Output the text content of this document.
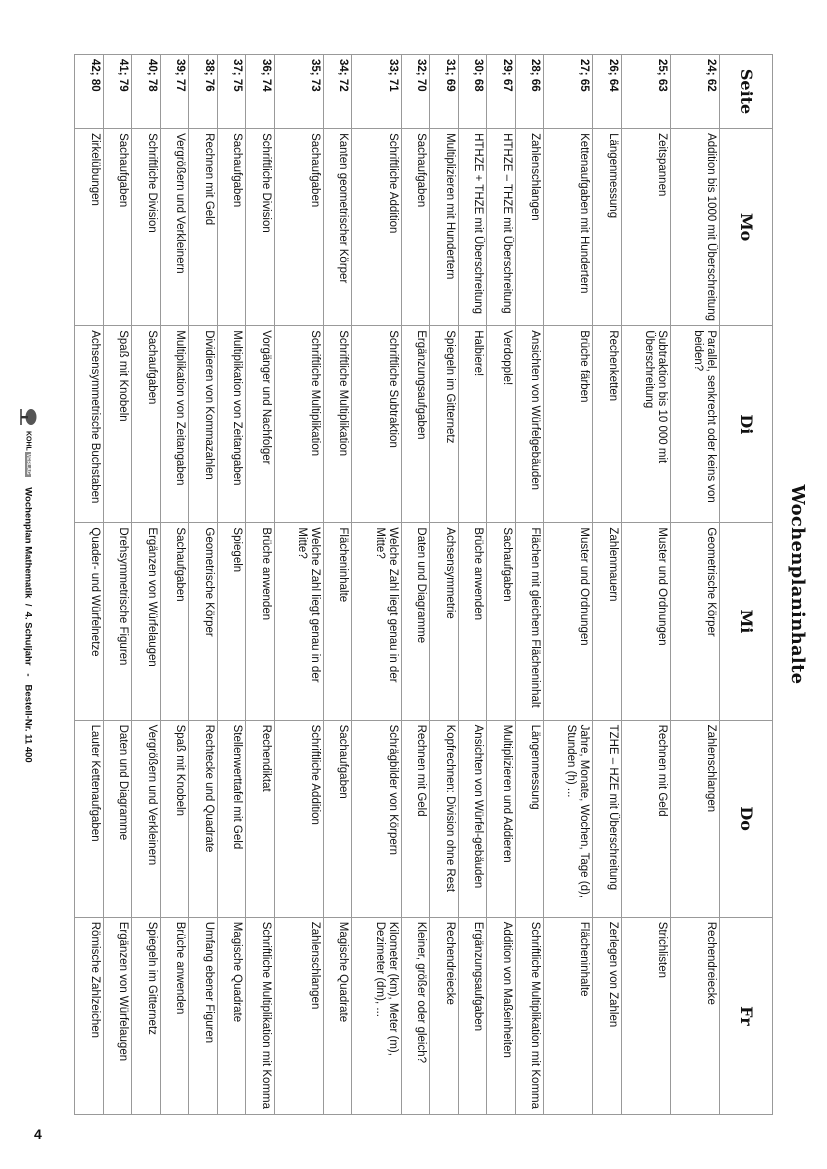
Wochenplaninhalte
Seite	Mo	Di	Mi	Do	Fr
24; 62	Addition bis 1000 mit Überschreitung	Parallel, senkrecht oder keins von beiden?	Geometrische Körper	Zahlenschlangen	Rechendreiecke
25; 63	Zeitspannen	Subtraktion bis 10 000 mit Überschreitung	Muster und Ordnungen	Rechnen mit Geld	Strichlisten
26; 64	Längenmessung	Rechenketten	Zahlenmauern	TZHE – HZE mit Überschreitung	Zerlegen von Zahlen
27; 65	Kettenaufgaben mit Hundertern	Brüche färben	Muster und Ordnungen	Jahre, Monate, Wochen, Tage (d), Stunden (h) ...	Flächeninhalte
28; 66	Zahlenschlangen	Ansichten von Würfelgebäuden	Flächen mit gleichem Flächeninhalt	Längenmessung	Schriftliche Multiplikation mit Komma
29; 67	HTHZE – THZE mit Überschreitung	Verdopple!	Sachaufgaben	Multiplizieren und Addieren	Addition von Maßeinheiten
30; 68	HTHZE + THZE mit Überschreitung	Halbiere!	Brüche anwenden	Ansichten von Würfel-gebäuden	Ergänzungsaufgaben
31; 69	Multiplizieren mit Hundertern	Spiegeln im Gitternetz	Achsensymmetrie	Kopfrechnen: Division ohne Rest	Rechendreiecke
32; 70	Sachaufgaben	Ergänzungsaufgaben	Daten und Diagramme	Rechnen mit Geld	Kleiner, größer oder gleich?
33; 71	Schriftliche Addition	Schriftliche Subtraktion	Welche Zahl liegt genau in der Mitte?	Schrägbilder von Körpern	Kilometer (km), Meter (m), Dezimeter (dm), ...
34; 72	Kanten geometrischer Körper	Schriftliche Multiplikation	Flächeninhalte	Sachaufgaben	Magische Quadrate
35; 73	Sachaufgaben	Schriftliche Multiplikation	Welche Zahl liegt genau in der Mitte?	Schriftliche Addition	Zahlenschlangen
36; 74	Schriftliche Division	Vorgänger und Nachfolger	Brüche anwenden	Rechendiktat	Schriftliche Multiplikation mit Komma
37; 75	Sachaufgaben	Multiplikation von Zeitangaben	Spiegeln	Stellenwerttafel mit Geld	Magische Quadrate
38; 76	Rechnen mit Geld	Dividieren von Kommazahlen	Geometrische Körper	Rechtecke und Quadrate	Umfang ebener Figuren
39; 77	Vergrößern und Verkleinern	Multiplikation von Zeitangaben	Sachaufgaben	Spaß mit Knobeln	Brüche anwenden
40; 78	Schriftliche Division	Sachaufgaben	Ergänzen von Würfelaugen	Vergrößern und Verkleinern	Spiegeln im Gitternetz
41; 79	Sachaufgaben	Spaß mit Knobeln	Drehsymmetrische Figuren	Daten und Diagramme	Ergänzen von Würfelaugen
42; 80	Zirkelübungen	Achsensymmetrische Buchstaben	Quader- und Würfelnetze	Lauter Kettenaufgaben	Römische Zahlzeichen
KOHLVERLAG Wochenplan Mathematik  /  4. Schuljahr   -   Bestell-Nr. 11 400
4
